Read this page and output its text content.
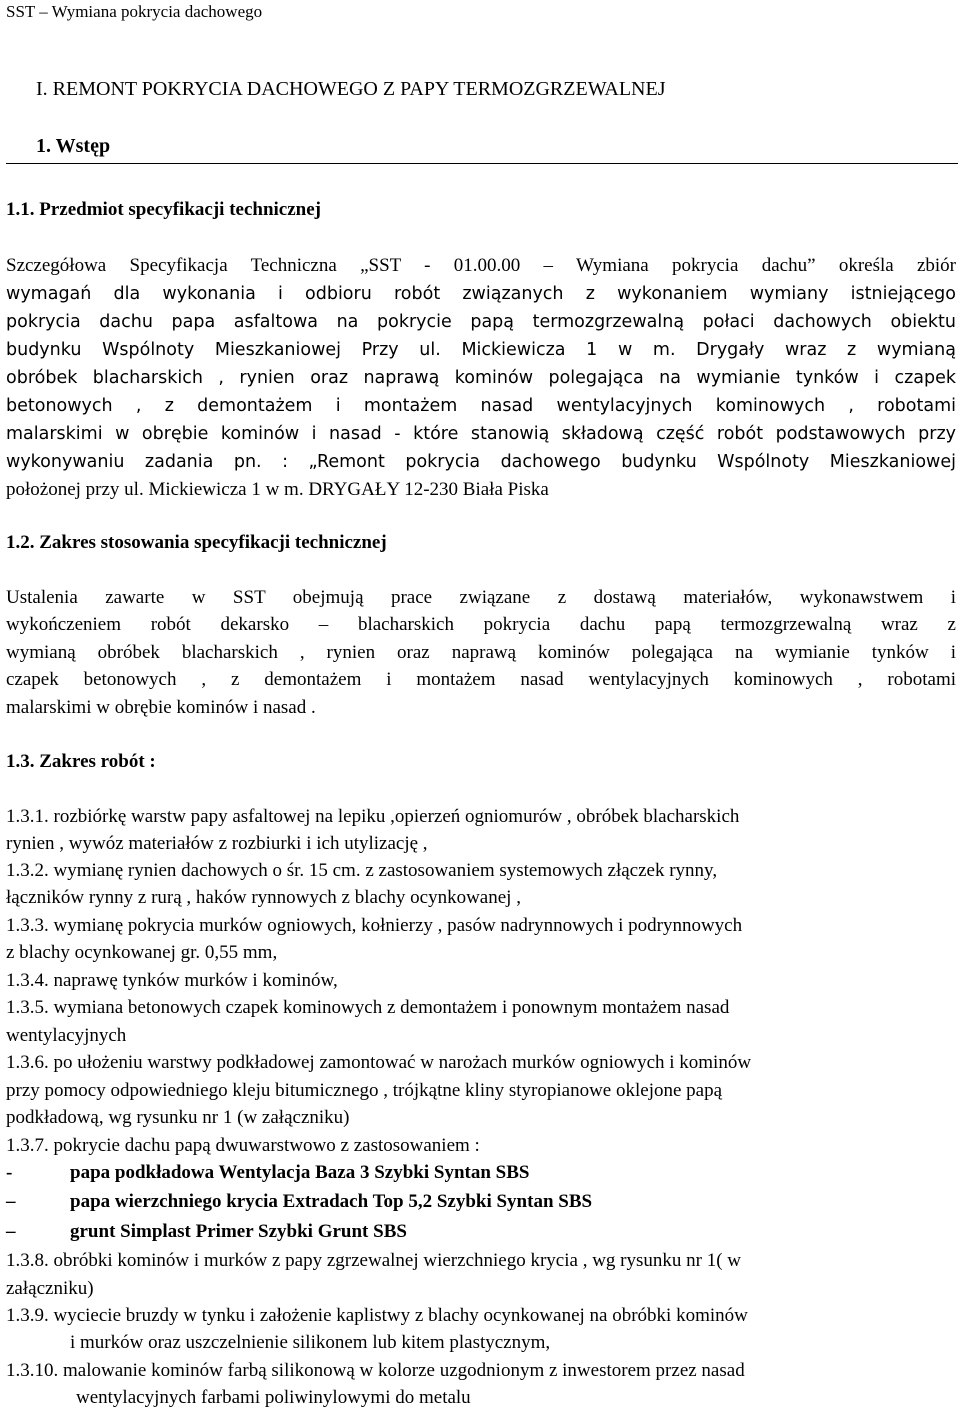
SST – Wymiana pokrycia dachowego
I. REMONT POKRYCIA DACHOWEGO Z PAPY TERMOZGRZEWALNEJ
1. Wstęp
1.1. Przedmiot specyfikacji technicznej
Szczegółowa Specyfikacja Techniczna „SST - 01.00.00 – Wymiana pokrycia dachu” określa zbiór
wymagań dla wykonania i odbioru robót związanych z wykonaniem wymiany istniejącego
pokrycia dachu papa asfaltowa na pokrycie papą termozgrzewalną połaci dachowych obiektu
budynku Wspólnoty Mieszkaniowej Przy ul. Mickiewicza 1 w m. Drygały wraz z wymianą
obróbek blacharskich , rynien oraz naprawą kominów polegająca na wymianie tynków i czapek
betonowych , z demontażem i montażem nasad wentylacyjnych kominowych , robotami
malarskimi w obrębie kominów i nasad - które stanowią składową część robót podstawowych przy
wykonywaniu zadania pn. : „Remont pokrycia dachowego budynku Wspólnoty Mieszkaniowej
położonej przy ul. Mickiewicza 1 w m. DRYGAŁY 12-230 Biała Piska
1.2. Zakres stosowania specyfikacji technicznej
Ustalenia zawarte w SST obejmują prace związane z dostawą materiałów, wykonawstwem i
wykończeniem robót dekarsko – blacharskich pokrycia dachu papą termozgrzewalną wraz z
wymianą obróbek blacharskich , rynien oraz naprawą kominów polegająca na wymianie tynków i
czapek betonowych , z demontażem i montażem nasad wentylacyjnych kominowych , robotami
malarskimi w obrębie kominów i nasad .
1.3. Zakres robót :
1.3.1. rozbiórkę warstw papy asfaltowej na lepiku ,opierzeń ogniomurów , obróbek blacharskich
rynien , wywóz materiałów z rozbiurki i ich utylizację ,
1.3.2. wymianę rynien dachowych o śr. 15 cm. z zastosowaniem systemowych złączek rynny,
łączników rynny z rurą , haków rynnowych z blachy ocynkowanej ,
1.3.3. wymianę pokrycia murków ogniowych, kołnierzy , pasów nadrynnowych i podrynnowych
z blachy ocynkowanej gr. 0,55 mm,
1.3.4. naprawę tynków murków i kominów,
1.3.5. wymiana betonowych czapek kominowych z demontażem i ponownym montażem nasad
wentylacyjnych
1.3.6. po ułożeniu warstwy podkładowej zamontować w narożach murków ogniowych i kominów
przy pomocy odpowiedniego kleju bitumicznego , trójkątne kliny styropianowe oklejone papą
podkładową, wg rysunku nr 1 (w załączniku)
1.3.7. pokrycie dachu papą dwuwarstwowo z zastosowaniem :
-	papa podkładowa Wentylacja Baza 3 Szybki Syntan SBS
–	papa wierzchniego krycia Extradach Top 5,2 Szybki Syntan SBS
–	grunt Simplast Primer Szybki Grunt SBS
1.3.8. obróbki kominów i murków z papy zgrzewalnej wierzchniego krycia , wg rysunku nr 1( w
załączniku)
1.3.9. wyciecie bruzdy w tynku i założenie kaplistwy z blachy ocynkowanej na obróbki kominów
i murków oraz uszczelnienie silikonem lub kitem plastycznym,
1.3.10. malowanie kominów farbą silikonową w kolorze uzgodnionym z inwestorem przez nasad
wentylacyjnych farbami poliwinylowymi do metalu
